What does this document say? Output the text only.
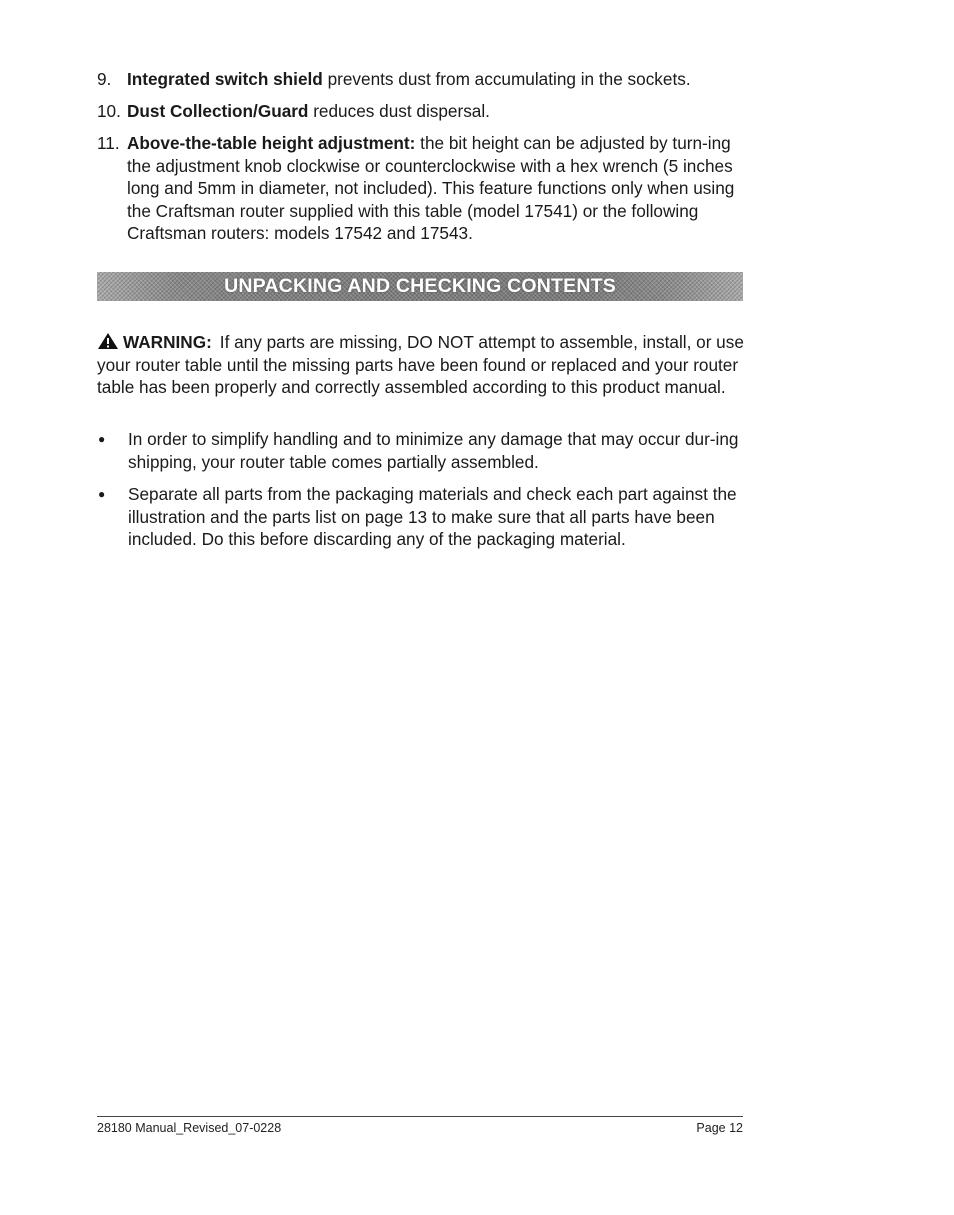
9. Integrated switch shield prevents dust from accumulating in the sockets.
10. Dust Collection/Guard reduces dust dispersal.
11. Above-the-table height adjustment: the bit height can be adjusted by turn-ing the adjustment knob clockwise or counterclockwise with a hex wrench (5 inches long and 5mm in diameter, not included). This feature functions only when using the Craftsman router supplied with this table (model 17541) or the following Craftsman routers: models 17542 and 17543.
UNPACKING AND CHECKING CONTENTS
WARNING: If any parts are missing, DO NOT attempt to assemble, install, or use your router table until the missing parts have been found or replaced and your router table has been properly and correctly assembled according to this product manual.
●	In order to simplify handling and to minimize any damage that may occur dur-ing shipping, your router table comes partially assembled.
●	Separate all parts from the packaging materials and check each part against the illustration and the parts list on page 13 to make sure that all parts have been included. Do this before discarding any of the packaging material.
28180 Manual_Revised_07-0228	Page 12
